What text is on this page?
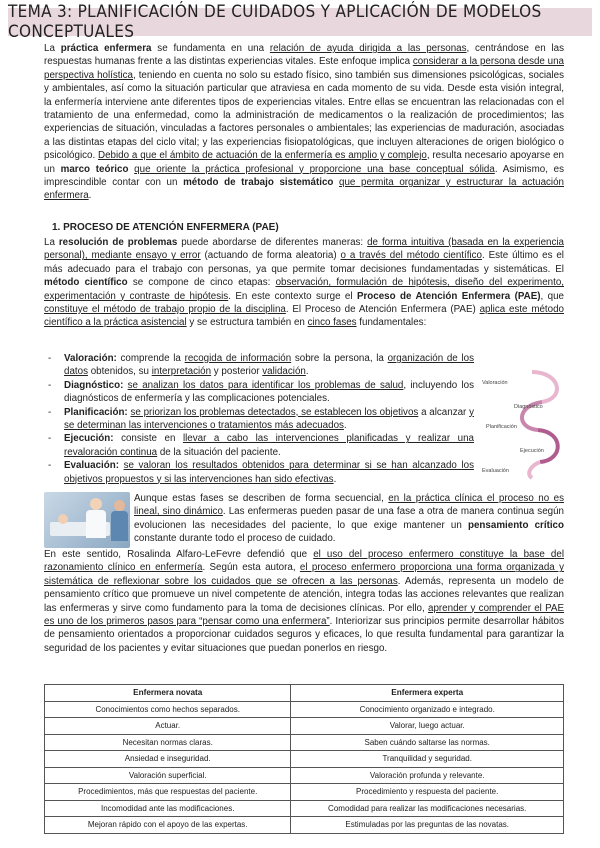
TEMA 3: PLANIFICACIÓN DE CUIDADOS Y APLICACIÓN DE MODELOS CONCEPTUALES
La práctica enfermera se fundamenta en una relación de ayuda dirigida a las personas, centrándose en las respuestas humanas frente a las distintas experiencias vitales. Este enfoque implica considerar a la persona desde una perspectiva holística, teniendo en cuenta no solo su estado físico, sino también sus dimensiones psicológicas, sociales y ambientales, así como la situación particular que atraviesa en cada momento de su vida. Desde esta visión integral, la enfermería interviene ante diferentes tipos de experiencias vitales. Entre ellas se encuentran las relacionadas con el tratamiento de una enfermedad, como la administración de medicamentos o la realización de procedimientos; las experiencias de situación, vinculadas a factores personales o ambientales; las experiencias de maduración, asociadas a las distintas etapas del ciclo vital; y las experiencias fisiopatológicas, que incluyen alteraciones de origen biológico o psicológico. Debido a que el ámbito de actuación de la enfermería es amplio y complejo, resulta necesario apoyarse en un marco teórico que oriente la práctica profesional y proporcione una base conceptual sólida. Asimismo, es imprescindible contar con un método de trabajo sistemático que permita organizar y estructurar la actuación enfermera.
1. PROCESO DE ATENCIÓN ENFERMERA (PAE)
La resolución de problemas puede abordarse de diferentes maneras: de forma intuitiva (basada en la experiencia personal), mediante ensayo y error (actuando de forma aleatoria) o a través del método científico. Este último es el más adecuado para el trabajo con personas, ya que permite tomar decisiones fundamentadas y sistemáticas. El método científico se compone de cinco etapas: observación, formulación de hipótesis, diseño del experimento, experimentación y contraste de hipótesis. En este contexto surge el Proceso de Atención Enfermera (PAE), que constituye el método de trabajo propio de la disciplina. El Proceso de Atención Enfermera (PAE) aplica este método científico a la práctica asistencial y se estructura también en cinco fases fundamentales:
- Valoración: comprende la recogida de información sobre la persona, la organización de los datos obtenidos, su interpretación y posterior validación.
- Diagnóstico: se analizan los datos para identificar los problemas de salud, incluyendo los diagnósticos de enfermería y las complicaciones potenciales.
- Planificación: se priorizan los problemas detectados, se establecen los objetivos a alcanzar y se determinan las intervenciones o tratamientos más adecuados.
- Ejecución: consiste en llevar a cabo las intervenciones planificadas y realizar una revaloración continua de la situación del paciente.
- Evaluación: se valoran los resultados obtenidos para determinar si se han alcanzado los objetivos propuestos y si las intervenciones han sido efectivas.
Valoración
Diagnóstico
Planificación
Ejecución
Evaluación
Aunque estas fases se describen de forma secuencial, en la práctica clínica el proceso no es lineal, sino dinámico. Las enfermeras pueden pasar de una fase a otra de manera continua según evolucionen las necesidades del paciente, lo que exige mantener un pensamiento crítico constante durante todo el proceso de cuidado.
En este sentido, Rosalinda Alfaro-LeFevre defendió que el uso del proceso enfermero constituye la base del razonamiento clínico en enfermería. Según esta autora, el proceso enfermero proporciona una forma organizada y sistemática de reflexionar sobre los cuidados que se ofrecen a las personas. Además, representa un modelo de pensamiento crítico que promueve un nivel competente de atención, integra todas las acciones relevantes que realizan las enfermeras y sirve como fundamento para la toma de decisiones clínicas. Por ello, aprender y comprender el PAE es uno de los primeros pasos para “pensar como una enfermera”. Interiorizar sus principios permite desarrollar hábitos de pensamiento orientados a proporcionar cuidados seguros y eficaces, lo que resulta fundamental para garantizar la seguridad de los pacientes y evitar situaciones que puedan ponerlos en riesgo.
Enfermera novata	Enfermera experta
Conocimientos como hechos separados.	Conocimiento organizado e integrado.
Actuar.	Valorar, luego actuar.
Necesitan normas claras.	Saben cuándo saltarse las normas.
Ansiedad e inseguridad.	Tranquilidad y seguridad.
Valoración superficial.	Valoración profunda y relevante.
Procedimientos, más que respuestas del paciente.	Procedimiento y respuesta del paciente.
Incomodidad ante las modificaciones.	Comodidad para realizar las modificaciones necesarias.
Mejoran rápido con el apoyo de las expertas.	Estimuladas por las preguntas de las novatas.
